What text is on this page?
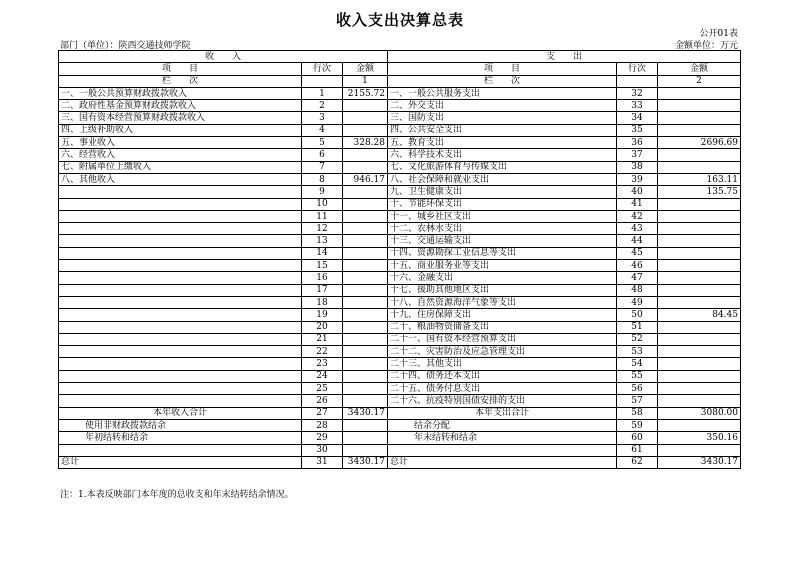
收入支出决算总表
公开01表
部门（单位）：陕西交通技师学院	金额单位：万元
收　　入			支　　出		
项　　目	行次	金额	项　　目	行次	金额
栏　　次		1	栏　　次		2
一、一般公共预算财政拨款收入	1	2155.72	一、一般公共服务支出	32	
二、政府性基金预算财政拨款收入	2		二、外交支出	33	
三、国有资本经营预算财政拨款收入	3		三、国防支出	34	
四、上级补助收入	4		四、公共安全支出	35	
五、事业收入	5	328.28	五、教育支出	36	2696.69
六、经营收入	6		六、科学技术支出	37	
七、附属单位上缴收入	7		七、文化旅游体育与传媒支出	38	
八、其他收入	8	946.17	八、社会保障和就业支出	39	163.11
	9		九、卫生健康支出	40	135.75
	10		十、节能环保支出	41	
	11		十一、城乡社区支出	42	
	12		十二、农林水支出	43	
	13		十三、交通运输支出	44	
	14		十四、资源勘探工业信息等支出	45	
	15		十五、商业服务业等支出	46	
	16		十六、金融支出	47	
	17		十七、援助其他地区支出	48	
	18		十八、自然资源海洋气象等支出	49	
	19		十九、住房保障支出	50	84.45
	20		二十、粮油物资储备支出	51	
	21		二十一、国有资本经营预算支出	52	
	22		二十二、灾害防治及应急管理支出	53	
	23		二十三、其他支出	54	
	24		二十四、债务还本支出	55	
	25		二十五、债务付息支出	56	
	26		二十六、抗疫特别国债安排的支出	57	
本年收入合计	27	3430.17	本年支出合计	58	3080.00
使用非财政拨款结余	28		结余分配	59	
年初结转和结余	29		年末结转和结余	60	350.16
	30			61	
总计	31	3430.17	总计	62	3430.17
注：1.本表反映部门本年度的总收支和年末结转结余情况。
